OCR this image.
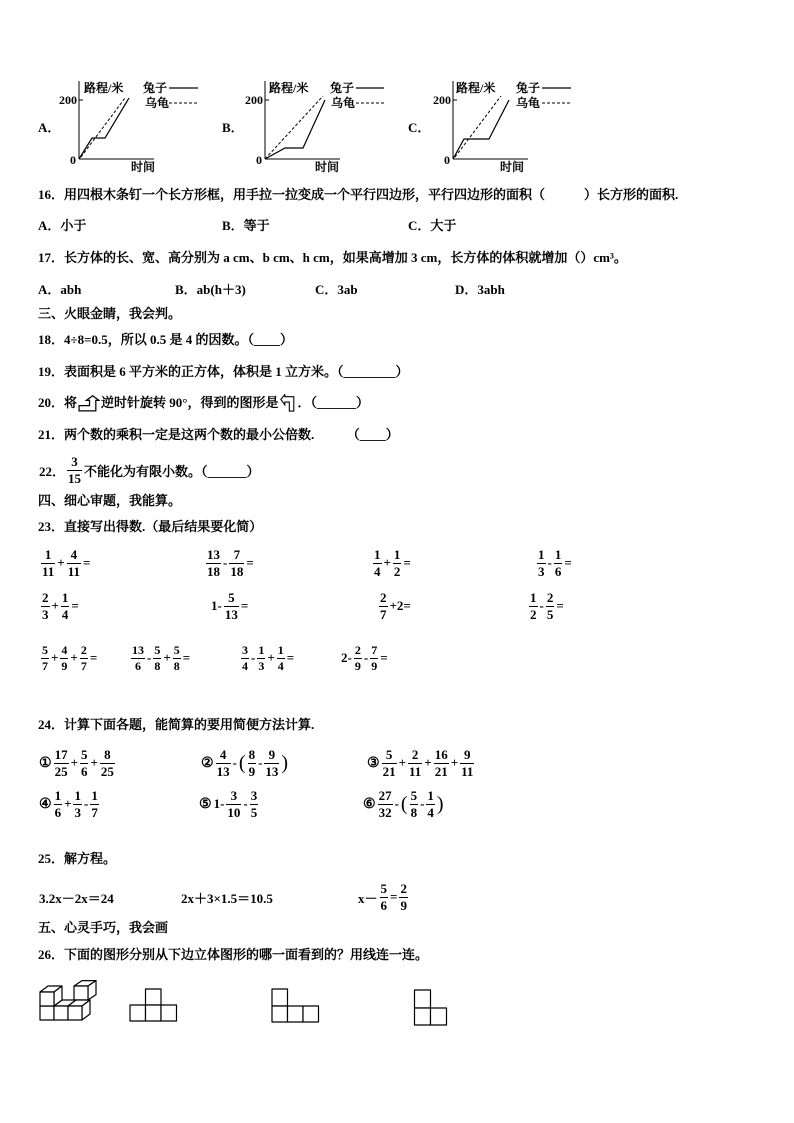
A．
200
0
路程/米 兔子
乌龟
时间
B．
200
0
路程/米 兔子
乌龟
时间
C．
200
0
路程/米 兔子
乌龟
时间
16．用四根木条钉一个长方形框，用手拉一拉变成一个平行四边形，平行四边形的面积（　　　）长方形的面积.
A．小于	B．等于	C．大于
17．长方体的长、宽、高分别为 a cm、b cm、h cm，如果高增加 3 cm，长方体的体积就增加（）cm³。
A．abh	B．ab(h＋3)	C．3ab	D．3abh
三、火眼金睛，我会判。
18．4÷8=0.5，所以 0.5 是 4 的因数。（____）
19．表面积是 6 平方米的正方体，体积是 1 立方米。（________）
20．将 逆时针旋转 90°，得到的图形是 ．（______）
21．两个数的乘积一定是这两个数的最小公倍数.　　　（____）
22． $\frac{3}{15}$ 不能化为有限小数。（______）
四、细心审题，我能算。
23．直接写出得数.（最后结果要化简）
$\frac{1}{11} + \frac{4}{11}$ =	$\frac{13}{18} - \frac{7}{18}$ =	$\frac{1}{4} + \frac{1}{2}$ =	$\frac{1}{3} - \frac{1}{6}$ =
$\frac{2}{3} + \frac{1}{4}$ =	$1- \frac{5}{13}$ =	$\frac{2}{7} +2=$	$\frac{1}{2} - \frac{2}{5}$ =
$\frac{5}{7} + \frac{4}{9} + \frac{2}{7}$ =	$\frac{13}{6} - \frac{5}{8} + \frac{5}{8}$ =	$\frac{3}{4} - \frac{1}{3} + \frac{1}{4}$ =	$2- \frac{2}{9} - \frac{7}{9}$ =
24．计算下面各题，能简算的要用简便方法计算.
① $\frac{17}{25} + \frac{5}{6} + \frac{8}{25}$	② $\frac{4}{13}$ - ( $\frac{8}{9} - \frac{9}{13}$ )	③ $\frac{5}{21} + \frac{2}{11} + \frac{16}{21} + \frac{9}{11}$
④ $\frac{1}{6} + \frac{1}{3} - \frac{1}{7}$	⑤ $1- \frac{3}{10} - \frac{3}{5}$	⑥ $\frac{27}{32}$ - ( $\frac{5}{8} - \frac{1}{4}$ )
25．解方程。
3.2x－2x＝24	2x＋3×1.5＝10.5	$x- \frac{5}{6} = \frac{2}{9}$
五、心灵手巧，我会画
26．下面的图形分别从下边立体图形的哪一面看到的？用线连一连。
